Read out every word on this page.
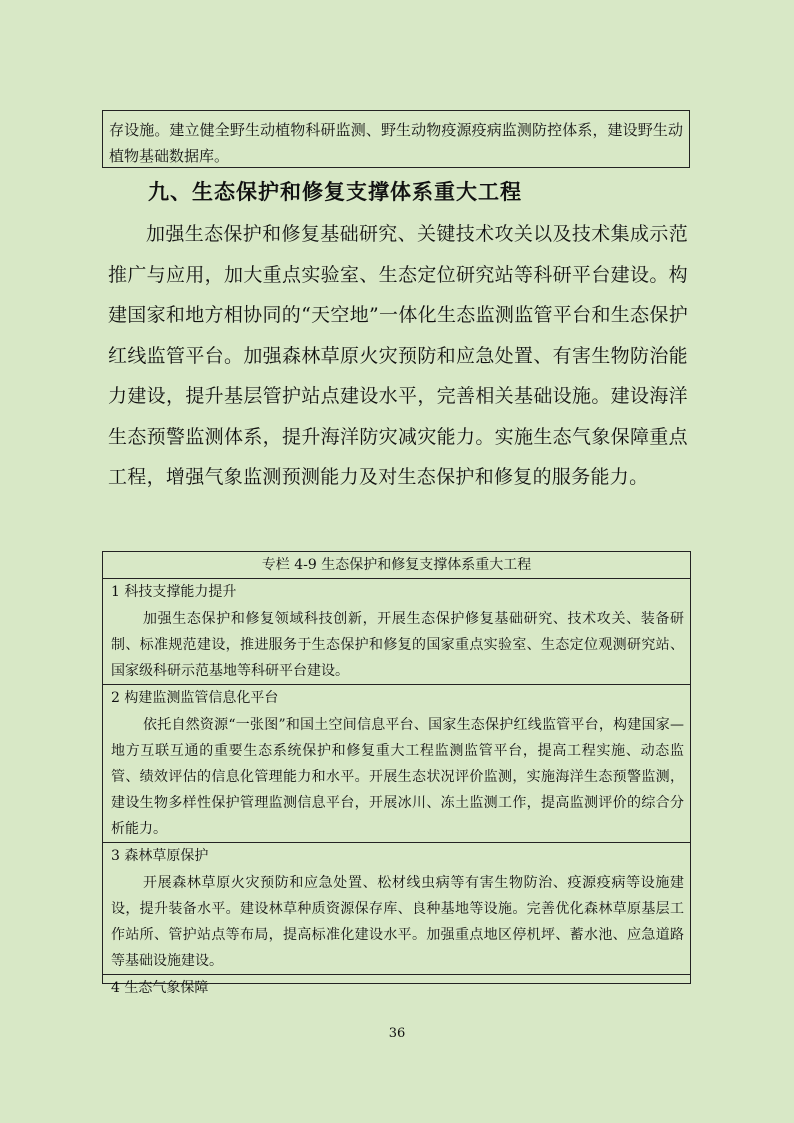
存设施。建立健全野生动植物科研监测、野生动物疫源疫病监测防控体系，建设野生动植物基础数据库。
九、生态保护和修复支撑体系重大工程
加强生态保护和修复基础研究、关键技术攻关以及技术集成示范推广与应用，加大重点实验室、生态定位研究站等科研平台建设。构建国家和地方相协同的“天空地”一体化生态监测监管平台和生态保护红线监管平台。加强森林草原火灾预防和应急处置、有害生物防治能力建设，提升基层管护站点建设水平，完善相关基础设施。建设海洋生态预警监测体系，提升海洋防灾减灾能力。实施生态气象保障重点工程，增强气象监测预测能力及对生态保护和修复的服务能力。
专栏 4-9 生态保护和修复支撑体系重大工程
1 科技支撑能力提升
加强生态保护和修复领域科技创新，开展生态保护修复基础研究、技术攻关、装备研制、标准规范建设，推进服务于生态保护和修复的国家重点实验室、生态定位观测研究站、国家级科研示范基地等科研平台建设。
2 构建监测监管信息化平台
依托自然资源“一张图”和国土空间信息平台、国家生态保护红线监管平台，构建国家—地方互联互通的重要生态系统保护和修复重大工程监测监管平台，提高工程实施、动态监管、绩效评估的信息化管理能力和水平。开展生态状况评价监测，实施海洋生态预警监测，建设生物多样性保护管理监测信息平台，开展冰川、冻土监测工作，提高监测评价的综合分析能力。
3 森林草原保护
开展森林草原火灾预防和应急处置、松材线虫病等有害生物防治、疫源疫病等设施建设，提升装备水平。建设林草种质资源保存库、良种基地等设施。完善优化森林草原基层工作站所、管护站点等布局，提高标准化建设水平。加强重点地区停机坪、蓄水池、应急道路等基础设施建设。
4 生态气象保障
36
